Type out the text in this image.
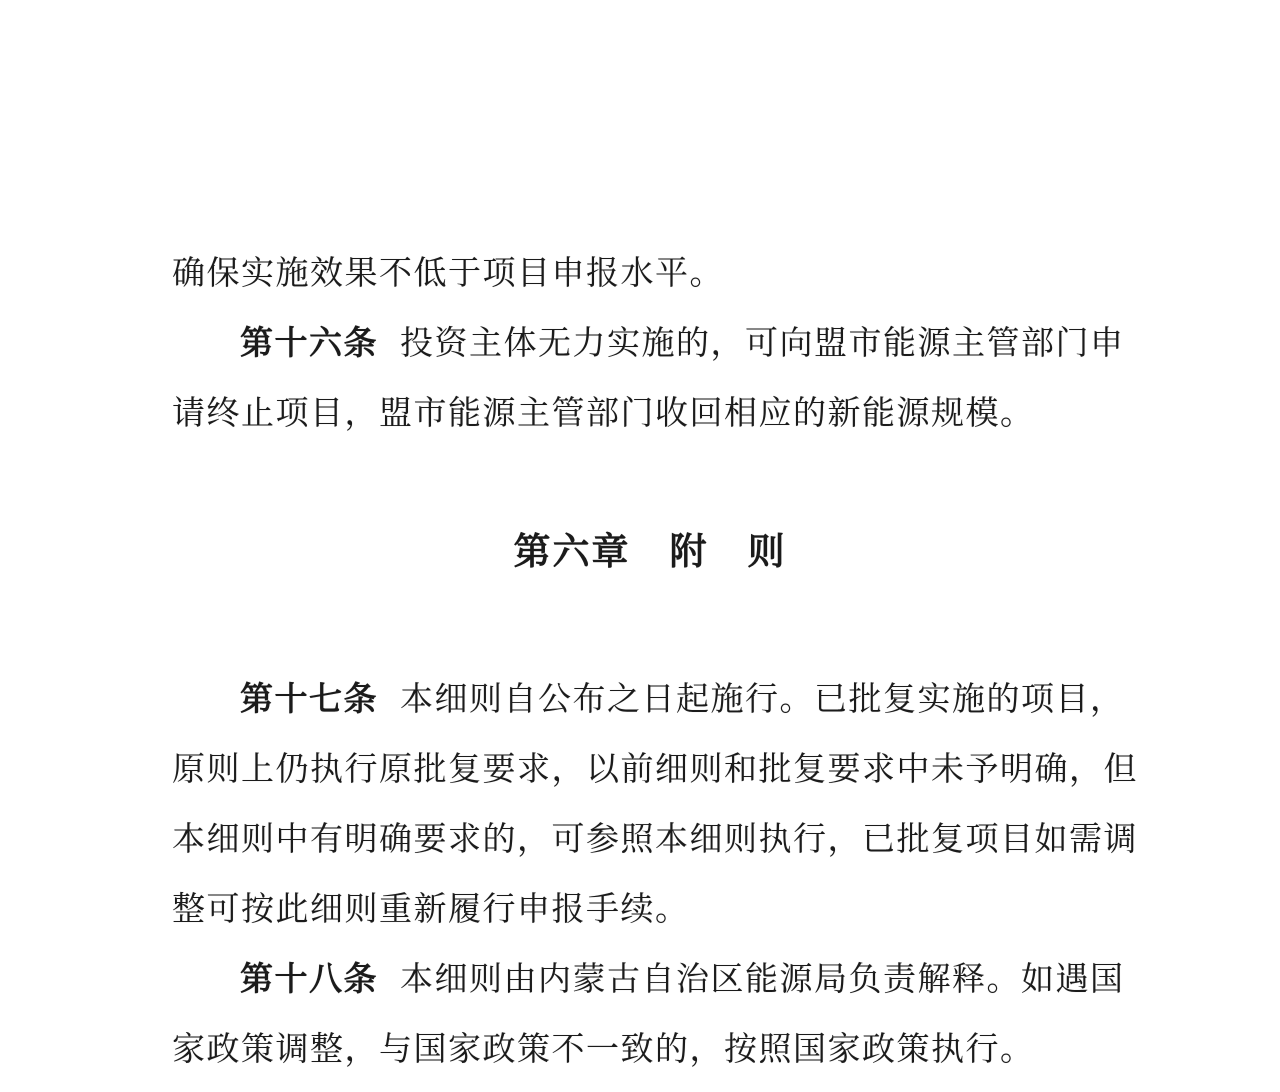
确保实施效果不低于项目申报水平。
第十六条 投资主体无力实施的，可向盟市能源主管部门申
请终止项目，盟市能源主管部门收回相应的新能源规模。
第六章　附　则
第十七条 本细则自公布之日起施行。已批复实施的项目，
原则上仍执行原批复要求，以前细则和批复要求中未予明确，但
本细则中有明确要求的，可参照本细则执行，已批复项目如需调
整可按此细则重新履行申报手续。
第十八条 本细则由内蒙古自治区能源局负责解释。如遇国
家政策调整，与国家政策不一致的，按照国家政策执行。
